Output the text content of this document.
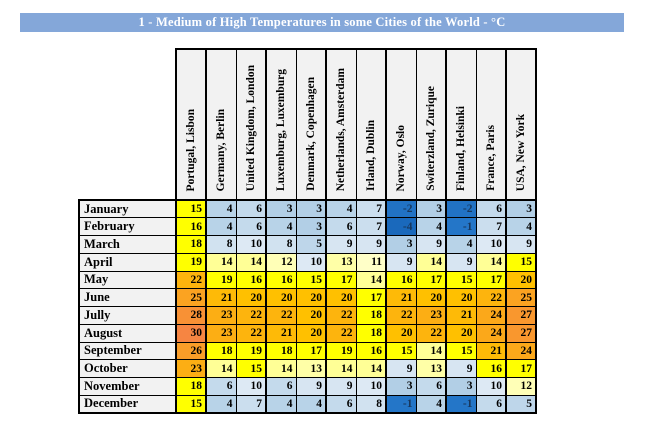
1 - Medium of High Temperatures in some Cities of the World - °C
	Portugal, Lisbon	Germany, Berlin	United Kingdom, London	Luxemburg, Luxemburg	Denmark, Copenhagen	Netherlands, Amsterdam	Irland, Dublin	Norway, Oslo	Switerzland, Zurique	Finland, Helsinki	France, Paris	USA, New York
January	15	4	6	3	3	4	7	-2	3	-2	6	3
February	16	4	6	4	3	6	7	-4	4	-1	7	4
March	18	8	10	8	5	9	9	3	9	4	10	9
April	19	14	14	12	10	13	11	9	14	9	14	15
May	22	19	16	16	15	17	14	16	17	15	17	20
June	25	21	20	20	20	20	17	21	20	20	22	25
Jully	28	23	22	22	20	22	18	22	23	21	24	27
August	30	23	22	21	20	22	18	20	22	20	24	27
September	26	18	19	18	17	19	16	15	14	15	21	24
October	23	14	15	14	13	14	14	9	13	9	16	17
November	18	6	10	6	9	9	10	3	6	3	10	12
December	15	4	7	4	4	6	8	-1	4	-1	6	5
